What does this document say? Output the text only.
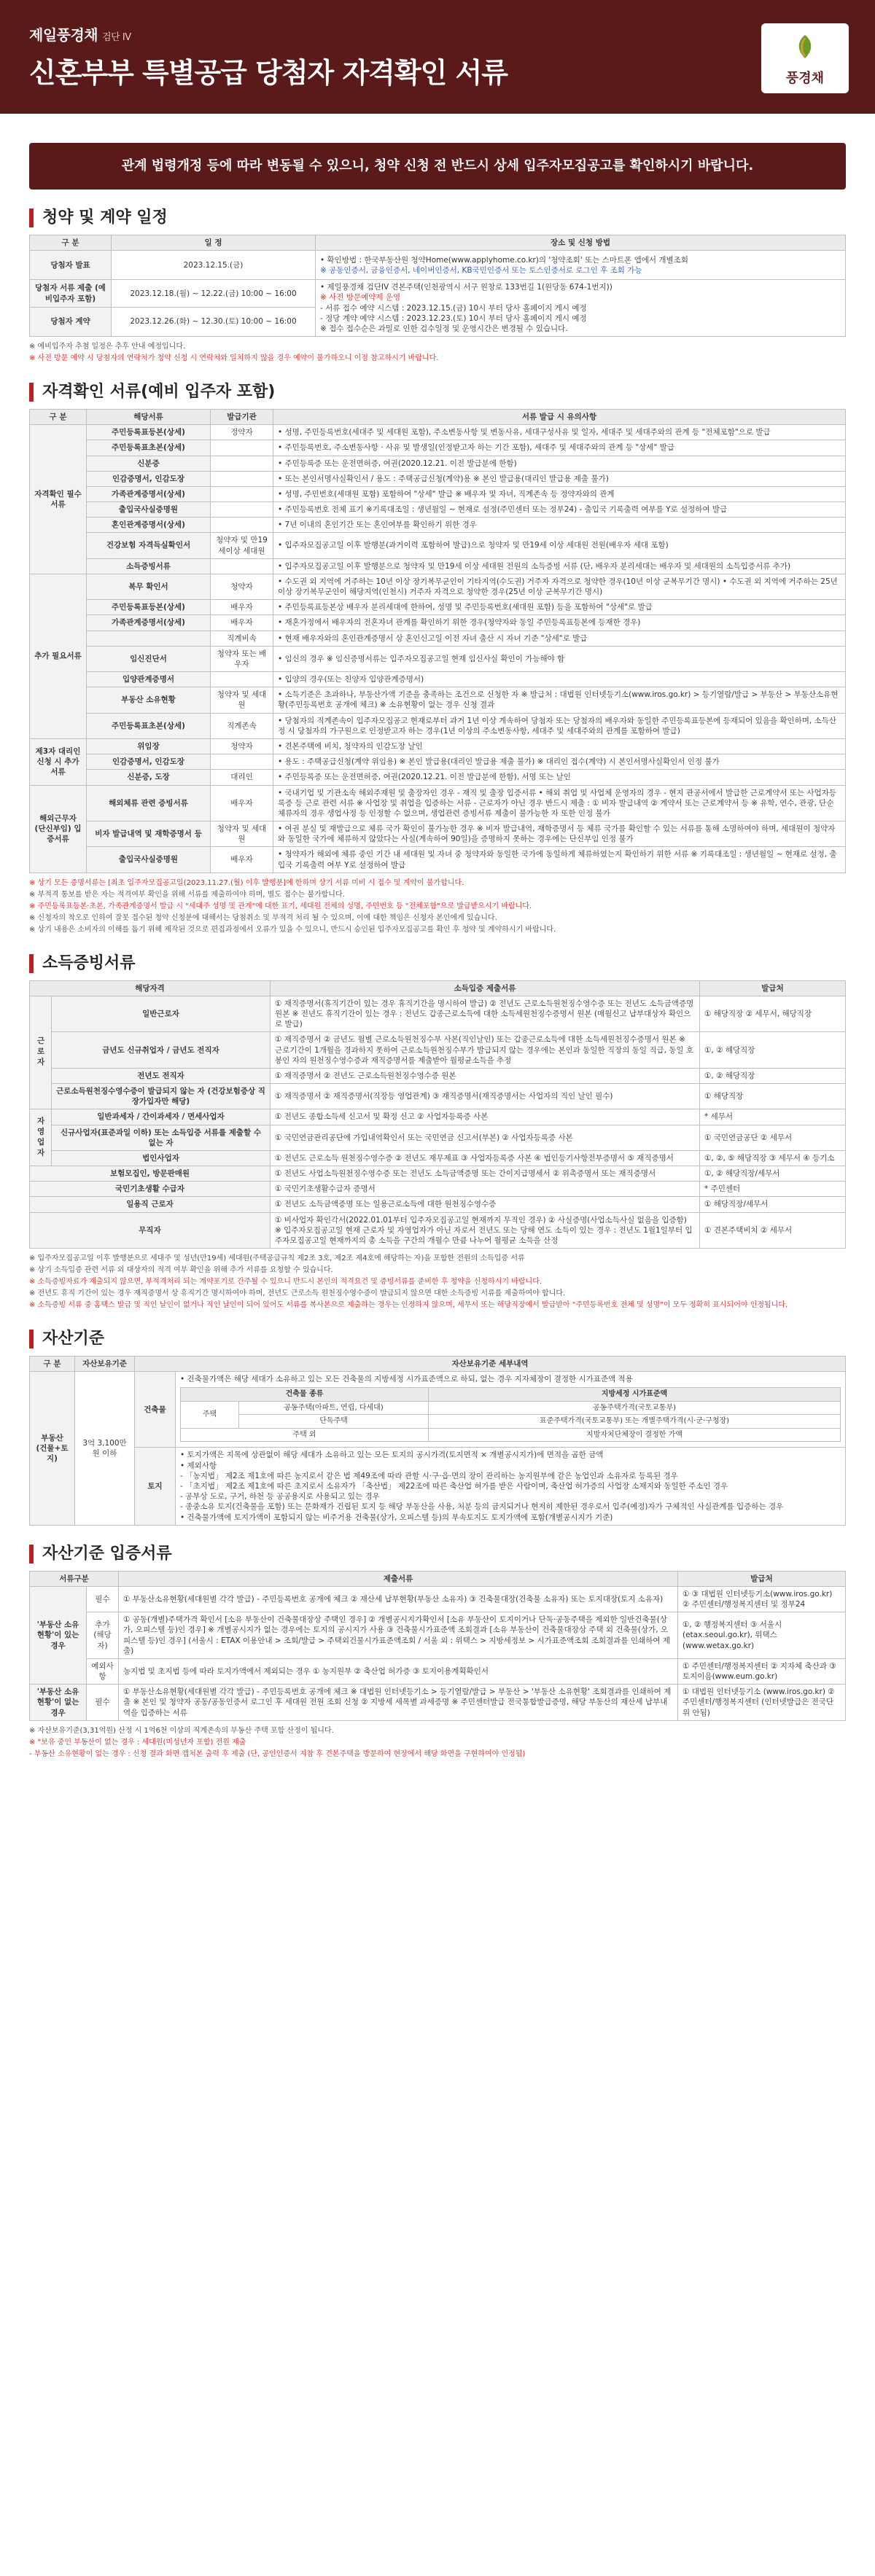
제일풍경채 검단 IV
신혼부부 특별공급 당첨자 자격확인 서류	풍경채
관계 법령개정 등에 따라 변동될 수 있으니, 청약 신청 전 반드시 상세 입주자모집공고를 확인하시기 바랍니다.
청약 및 계약 일정
구 분	일 정	장소 및 신청 방법
당첨자 발표	2023.12.15.(금)	• 확인방법 : 한국부동산원 청약Home(www.applyhome.co.kr)의 '청약조회' 또는 스마트폰 앱에서 개별조회
※ 공동인증서, 금융인증서, 네이버인증서, KB국민인증서 또는 토스인증서로 로그인 후 조회 가능

당첨자 서류 제출 (예비입주자 포함)	2023.12.18.(월) ~ 12.22.(금) 10:00 ~ 16:00	• 제일풍경채 검단IV 견본주택(인천광역시 서구 원창로 133번길 1(원당동 674-1번지))
※ 사전 방문예약제 운영
- 서류 접수 예약 시스템 : 2023.12.15.(금) 10시 부터 당사 홈페이지 게시 예정
- 정당 계약 예약 시스템 : 2023.12.23.(토) 10시 부터 당사 홈페이지 게시 예정
※ 접수 접수순은 과밀로 인한 검수일정 및 운영시간은 변경될 수 있습니다.

당첨자 계약	2023.12.26.(화) ~ 12.30.(토) 10:00 ~ 16:00	
※ 예비입주자 추첨 일정은 추후 안내 예정입니다.
※ 사전 방문 예약 시 당첨자의 연락처가 청약 신청 시 연락처와 일치하지 않을 경우 예약이 불가하오니 이점 참고하시기 바랍니다.
자격확인 서류(예비 입주자 포함)
구 분	해당서류	발급기관	서류 발급 시 유의사항
자격확인 필수서류	주민등록표등본(상세)	정약자	• 성명, 주민등록번호(세대주 및 세대원 포함), 주소변동사항 및 변동사유, 세대구성사유 및 일자, 세대주 및 세대주와의 관계 등 "전체포함"으로 발급
	주민등록표초본(상세)		• 주민등록번호, 주소변동사항 · 사유 및 발생일(인정받고자 하는 기간 포함), 세대주 및 세대주와의 관계 등 "상세" 발급
	신분증		• 주민등록증 또는 운전면허증, 여권(2020.12.21. 이전 발급분에 한함)
	인감증명서, 인감도장		• 또는 본인서명사실확인서 / 용도 : 주택공급신청(계약)용 ※ 본인 발급용(대리인 발급용 제출 불가)
	가족관계증명서(상세)		• 성명, 주민번호(세대원 포함) 포함하여 "상세" 발급 ※ 배우자 및 자녀, 직계존속 등 정약자와의 관계
	출입국사실증명원		• 주민등록번호 전체 표기 ※기록대조일 : 생년월일 ~ 현재로 설정(주민센터 또는 정부24) - 출입국 기록출력 여부를 Y로 설정하여 발급
	혼인관계증명서(상세)		• 7년 이내의 혼인기간 또는 혼인여부를 확인하기 위한 경우
	건강보험 자격득실확인서	청약자 및 만19세이상 세대원	• 입주자모집공고일 이후 발행분(과거이력 포함하여 발급)으로 청약자 및 만19세 이상 세대원 전원(배우자 세대 포함)
	소득증빙서류		• 입주자모집공고일 이후 발행분으로 청약자 및 만19세 이상 세대원 전원의 소득증빙 서류 (단, 배우자 분리세대는 배우자 및 세대원의 소득입증서류 추가)
추가 필요서류	복무 확인서	청약자	• 수도권 외 지역에 거주하는 10년 이상 장기복무군인이 기타지역(수도권) 거주자 자격으로 청약한 경우(10년 이상 군복무기간 명시) • 수도권 외 지역에 거주하는 25년 이상 장기복무군인이 해당지역(인천시) 거주자 자격으로 청약한 경우(25년 이상 군복무기간 명시)
	주민등록표등본(상세)	배우자	• 주민등록표등본상 배우자 분리세대에 한하여, 성명 및 주민등록번호(세대원 포함) 등을 포함하여 "상세"로 발급
	가족관계증명서(상세)	배우자	• 재혼가정에서 배우자의 전혼자녀 관계를 확인하기 위한 경우(청약자와 동일 주민등록표등본에 등재한 경우)
		직계비속	• 현재 배우자와의 혼인관계증명서 상 혼인신고일 이전 자녀 출산 시 자녀 기준 "상세"로 발급
	임신진단서	청약자 또는 배우자	• 임신의 경우 ※ 임신증명서류는 입주자모집공고일 현재 임신사실 확인이 가능해야 함
	입양관계증명서		• 입양의 경우(또는 친양자 입양관계증명서)
	부동산 소유현황	청약자 및 세대원	• 소득기준은 초과하나, 부동산가액 기준을 충족하는 조건으로 신청한 자 ※ 발급처 : 대법원 인터넷등기소(www.iros.go.kr) > 등기열람/발급 > 부동산 > 부동산소유현황(주민등록번호 공개에 체크) ※ 소유현황이 없는 경우 신청 결과
	주민등록표초본(상세)	직계존속	• 당첨자의 직계존속이 입주자모집공고 현재로부터 과거 1년 이상 계속하여 당첨자 또는 당첨자의 배우자와 동일한 주민등록표등본에 등재되어 있음을 확인하며, 소득산정 시 당첨자의 가구원으로 인정받고자 하는 경우(1년 이상의 주소변동사항, 세대주 및 세대주와의 관계를 포함하여 발급)
제3자 대리인 신청 시 추가서류	위임장	청약자	• 견본주택에 비치, 청약자의 인감도장 날인
	인감증명서, 인감도장		• 용도 : 주택공급신청(계약 위임용) ※ 본인 발급용(대리인 발급용 제출 불가) ※ 대리인 접수(계약) 시 본인서명사실확인서 인정 불가
	신분증, 도장	대리인	• 주민등록증 또는 운전면허증, 여권(2020.12.21. 이전 발급분에 한함), 서명 또는 날인
해외근무자 (단신부임) 입증서류	해외체류 관련 증빙서류	배우자	• 국내기업 및 기관소속 해외주재원 및 출장자인 경우 - 재직 및 출장 입증서류 • 해외 취업 및 사업체 운영자의 경우 - 현지 관공서에서 발급한 근로계약서 또는 사업자등록증 등 근로 관련 서류 ※ 사업장 및 취업을 입증하는 서류 - 근로자가 아닌 경우 반드시 제출 : ① 비자 발급내역 ② 계약서 또는 근로계약서 등 ※ 유학, 연수, 관광, 단순체류자의 경우 생업사정 등 인정할 수 없으며, 생업관련 증빙서류 제출이 불가능한 자 또한 인정 불가
	비자 발급내역 및 재학증명서 등	청약자 및 세대원	• 여권 분실 및 재발급으로 체류 국가 확인이 불가능한 경우 ※ 비자 발급내역, 재학증명서 등 체류 국가를 확인할 수 있는 서류를 통해 소명하여야 하며, 세대원이 청약자와 동일한 국가에 체류하지 않았다는 사실(계속하여 90일)을 증명하지 못하는 경우에는 단신부임 인정 불가
	출입국사실증명원	배우자	• 청약자가 해외에 체류 중인 기간 내 세대원 및 자녀 중 청약자와 동일한 국가에 동일하게 체류하였는지 확인하기 위한 서류 ※ 기록대조일 : 생년월일 ~ 현재로 설정, 출입국 기록출력 여부 Y로 설정하여 발급
※ 상기 모든 증명서류는 [최초 입주자모집공고일(2023.11.27.(월) 이후 발행분]에 한하며 상기 서류 미비 시 접수 및 계약이 불가합니다.
※ 부적격 통보를 받은 자는 적격여부 확인을 위해 서류를 제출하여야 하며, 별도 접수는 불가합니다.
※ 주민등록표등본·초본, 가족관계증명서 발급 시 "세대주 성명 및 관계"에 대한 표기, 세대원 전체의 성명, 주민번호 등 "전체포함"으로 발급받으시기 바랍니다.
※ 신청자의 착오로 인하여 잘못 접수된 청약 신청분에 대해서는 당첨취소 및 부적격 처리 될 수 있으며, 이에 대한 책임은 신청자 본인에게 있습니다.
※ 상기 내용은 소비자의 이해를 돕기 위해 제작된 것으로 편집과정에서 오류가 있을 수 있으니, 반드시 승인된 입주자모집공고를 확인 후 청약 및 계약하시기 바랍니다.
소득증빙서류
해당자격		소득입증 제출서류	발급처
근로자	일반근로자	① 재직증명서(휴직기간이 있는 경우 휴직기간을 명시하여 발급) ② 전년도 근로소득원천징수영수증 또는 전년도 소득금액증명 원본 ※ 전년도 휴직기간이 있는 경우 : 전년도 갑종근로소득에 대한 소득세원천징수증명서 원본 (매월신고 납부대상자 확인으로 발급)	① 해당직장 ② 세무서, 해당직장
	금년도 신규취업자 / 금년도 전직자	① 재직증명서 ② 금년도 월별 근로소득원천징수부 사본(직인날인) 또는 갑종근로소득에 대한 소득세원천징수증명서 원본 ※ 근로기간이 1개월을 경과하지 못하여 근로소득원천징수부가 발급되지 않는 경우에는 본인과 동일한 직장의 동일 직급, 동일 호봉인 자의 원천징수영수증과 재직증명서를 제출받아 월평균소득을 추정	①, ② 해당직장
	전년도 전직자	① 재직증명서 ② 전년도 근로소득원천징수영수증 원본	①, ② 해당직장
	근로소득원천징수영수증이 발급되지 않는 자 (건강보험증상 직장가입자만 해당)	① 재직증명서 ② 재직증명서(직장등 영업관계) ③ 재직증명서(재직증명서는 사업자의 직인 날인 필수)	① 해당직장
자영업자	일반과세자 / 간이과세자 / 면세사업자	① 전년도 종합소득세 신고서 및 확정 신고 ② 사업자등록증 사본	* 세무서
	신규사업자(표준과일 이하) 또는 소득입증 서류를 제출할 수 없는 자	① 국민연금관리공단에 가입내역확인서 또는 국민연금 신고서(부본) ② 사업자등록증 사본	① 국민연금공단 ② 세무서
	법인사업자	① 전년도 근로소득 원천징수영수증 ② 전년도 재무제표 ③ 사업자등록증 사본 ④ 법인등기사항전부증명서 ⑤ 재직증명서	①, ②, ⑤ 해당직장 ③ 세무서 ④ 등기소
보험모집인, 방문판매원		① 전년도 사업소득원천징수영수증 또는 전년도 소득금액증명 또는 간이지급명세서 ② 위촉증명서 또는 재직증명서	①, ② 해당직장/세무서
국민기초생활 수급자		① 국민기초생활수급자 증명서	* 주민센터
일용직 근로자		① 전년도 소득금액증명 또는 일용근로소득에 대한 원천징수영수증	① 해당직장/세무서
무직자		① 비사업자 확인각서(2022.01.01부터 입주자모집공고일 현재까지 무직인 경우) ② 사실증명(사업소득사실 없음을 입증함) ※ 입주자모집공고일 현재 근로자 및 자영업자가 아닌 자로서 전년도 또는 당해 연도 소득이 있는 경우 : 전년도 1월1일부터 입주자모집공고일 현재까지의 총 소득을 구간의 개월수 만큼 나누어 월평균 소득을 산정	① 견본주택비치 ② 세무서
※ 입주자모집공고일 이후 발행분으로 세대주 및 성년(만19세) 세대원(주택공급규칙 제2조 3호, 제2조 제4호에 해당하는 자)을 포함한 전원의 소득입증 서류
※ 상기 소득입증 관련 서류 외 대상자의 적격 여부 확인을 위해 추가 서류를 요청할 수 있습니다.
※ 소득증빙자료가 제출되지 않으면, 부적격처리 되는 계약포기로 간주될 수 있으니 반드시 본인의 적격요건 및 증빙서류를 준비한 후 청약을 신청하시기 바랍니다.
※ 전년도 휴직 기간이 있는 경우 재직증명서 상 휴직기간 명시하여야 하며, 전년도 근로소득 원천징수영수증이 발급되지 않으면 대한 소득증빙 서류를 제출하여야 합니다.
※ 소득증빙 서류 중 홈택스 발급 및 직인 날인이 없거나 직인 날인이 되어 있어도 서류를 복사본으로 제출하는 경우는 인정하지 않으며, 세무서 또는 해당직장에서 발급받아 "주민등록번호 전체 및 성명"이 모두 정확히 표시되어야 인정됩니다.
자산기준
구 분	자산보유기준	자산보유기준 세부내역
부동산 (건물+토지)	3억 3,100만원 이하	건축물	
• 건축물가액은 해당 세대가 소유하고 있는 모든 건축물의 지방세정 시가표준액으로 하되, 없는 경우 지자체장이 결정한 시가표준액 적용
건축물 종류	지방세정 시가표준액
주택	공동주택(아파트, 연립, 다세대)	공동주택가격(국토교통부)
단독주택	표준주택가격(국토교통부) 또는 개별주택가격(시·군·구청장)
주택 외	지방자치단체장이 결정한 가액

토지	
• 토지가액은 지목에 상관없이 해당 세대가 소유하고 있는 모든 토지의 공시가격(토지면적 × 개별공시지가)에 면적을 곱한 금액
• 제외사항
- 「농지법」 제2조 제1호에 따른 농지로서 같은 법 제49조에 따라 관할 시·구·읍·면의 장이 관리하는 농지원부에 같은 농업인과 소유자로 등록된 경우
- 「초지법」 제2조 제1호에 따른 초지로서 소유자가 「축산법」 제22조에 따른 축산업 허가를 받은 사람이며, 축산업 허가증의 사업장 소재지와 동일한 주소인 경우
- 공부상 도로, 구거, 하천 등 공공용지로 사용되고 있는 경우
- 종중소유 토지(건축물을 포함) 또는 문화재가 건립된 토지 등 해당 부동산을 사용, 처분 등의 금지되거나 현저히 제한된 경우로서 입주(예정)자가 구체적인 사실관계를 입증하는 경우
• 건축물가액에 토지가액이 포함되지 않는 비주거용 건축물(상가, 오피스텔 등)의 부속토지도 토지가액에 포함(개별공시지가 기준)
자산기준 입증서류
서류구분		제출서류	발급처
'부동산 소유현황'이 있는 경우	필수	① 부동산소유현황(세대원별 각각 발급) - 주민등록번호 공개에 체크 ② 재산세 납부현황(부동산 소유자) ③ 건축물대장(건축물 소유자) 또는 토지대장(토지 소유자)	① ③ 대법원 인터넷등기소(www.iros.go.kr) ② 주민센터/행정복지센터 및 정부24
	추가 (해당자)	① 공동(개별)주택가격 확인서 [소유 부동산이 건축물대장상 주택인 경우] ② 개별공시지가확인서 [소유 부동산이 토지이거나 단독·공동주택을 제외한 일반건축물(상가, 오피스텔 등)인 경우] ※ 개별공시지가 없는 경우에는 토지의 공시지가 사용 ③ 건축물시가표준액 조회결과 [소유 부동산이 건축물대장상 주택 외 건축물(상가, 오피스텔 등)인 경우] (서울시 : ETAX 이용안내 > 조회/발급 > 주택외건물시가표준액조회 / 서울 외 : 위택스 > 지방세정보 > 시가표준액조회 조회결과를 인쇄하여 제출)	①, ② 행정복지센터 ③ 서울시(etax.seoul.go.kr), 위택스(www.wetax.go.kr)
	예외사항	농지법 및 초지법 등에 따라 토지가액에서 제외되는 경우 ① 농지원부 ② 축산업 허가증 ③ 토지이용계획확인서	① 주민센터/행정복지센터 ② 지자체 축산과 ③ 토지이음(www.eum.go.kr)
'부동산 소유현황'이 없는 경우	필수	① 부동산소유현황(세대원별 각각 발급) - 주민등록번호 공개에 체크 ※ 대법원 인터넷등기소 > 등기열람/발급 > 부동산 > '부동산 소유현황' 조회결과를 인쇄하여 제출 ※ 본인 및 청약자 공동/공동인증서 로그인 후 세대원 전원 조회 신청 ② 지방세 세목별 과세증명 ※ 주민센터발급 전국통합발급증명, 해당 부동산의 재산세 납부내역을 입증하는 서류	① 대법원 인터넷등기소 (www.iros.go.kr) ② 주민센터/행정복지센터 (인터넷발급은 전국단위 안됨)
※ 자산보유기준(3,31억원) 산정 시 1억6천 이상의 직계존속의 부동산 주택 포함 산정이 됩니다.
※ "보유 중인 부동산이 없는 경우 : 세대원(미성년자 포함) 전원 제출
- 부동산 소유현황이 없는 경우 : 신청 결과 화면 캡처본 출력 후 제출 (단, 공인인증서 지참 후 견본주택을 방문하여 현장에서 해당 화면을 구현하여야 인정됨)
